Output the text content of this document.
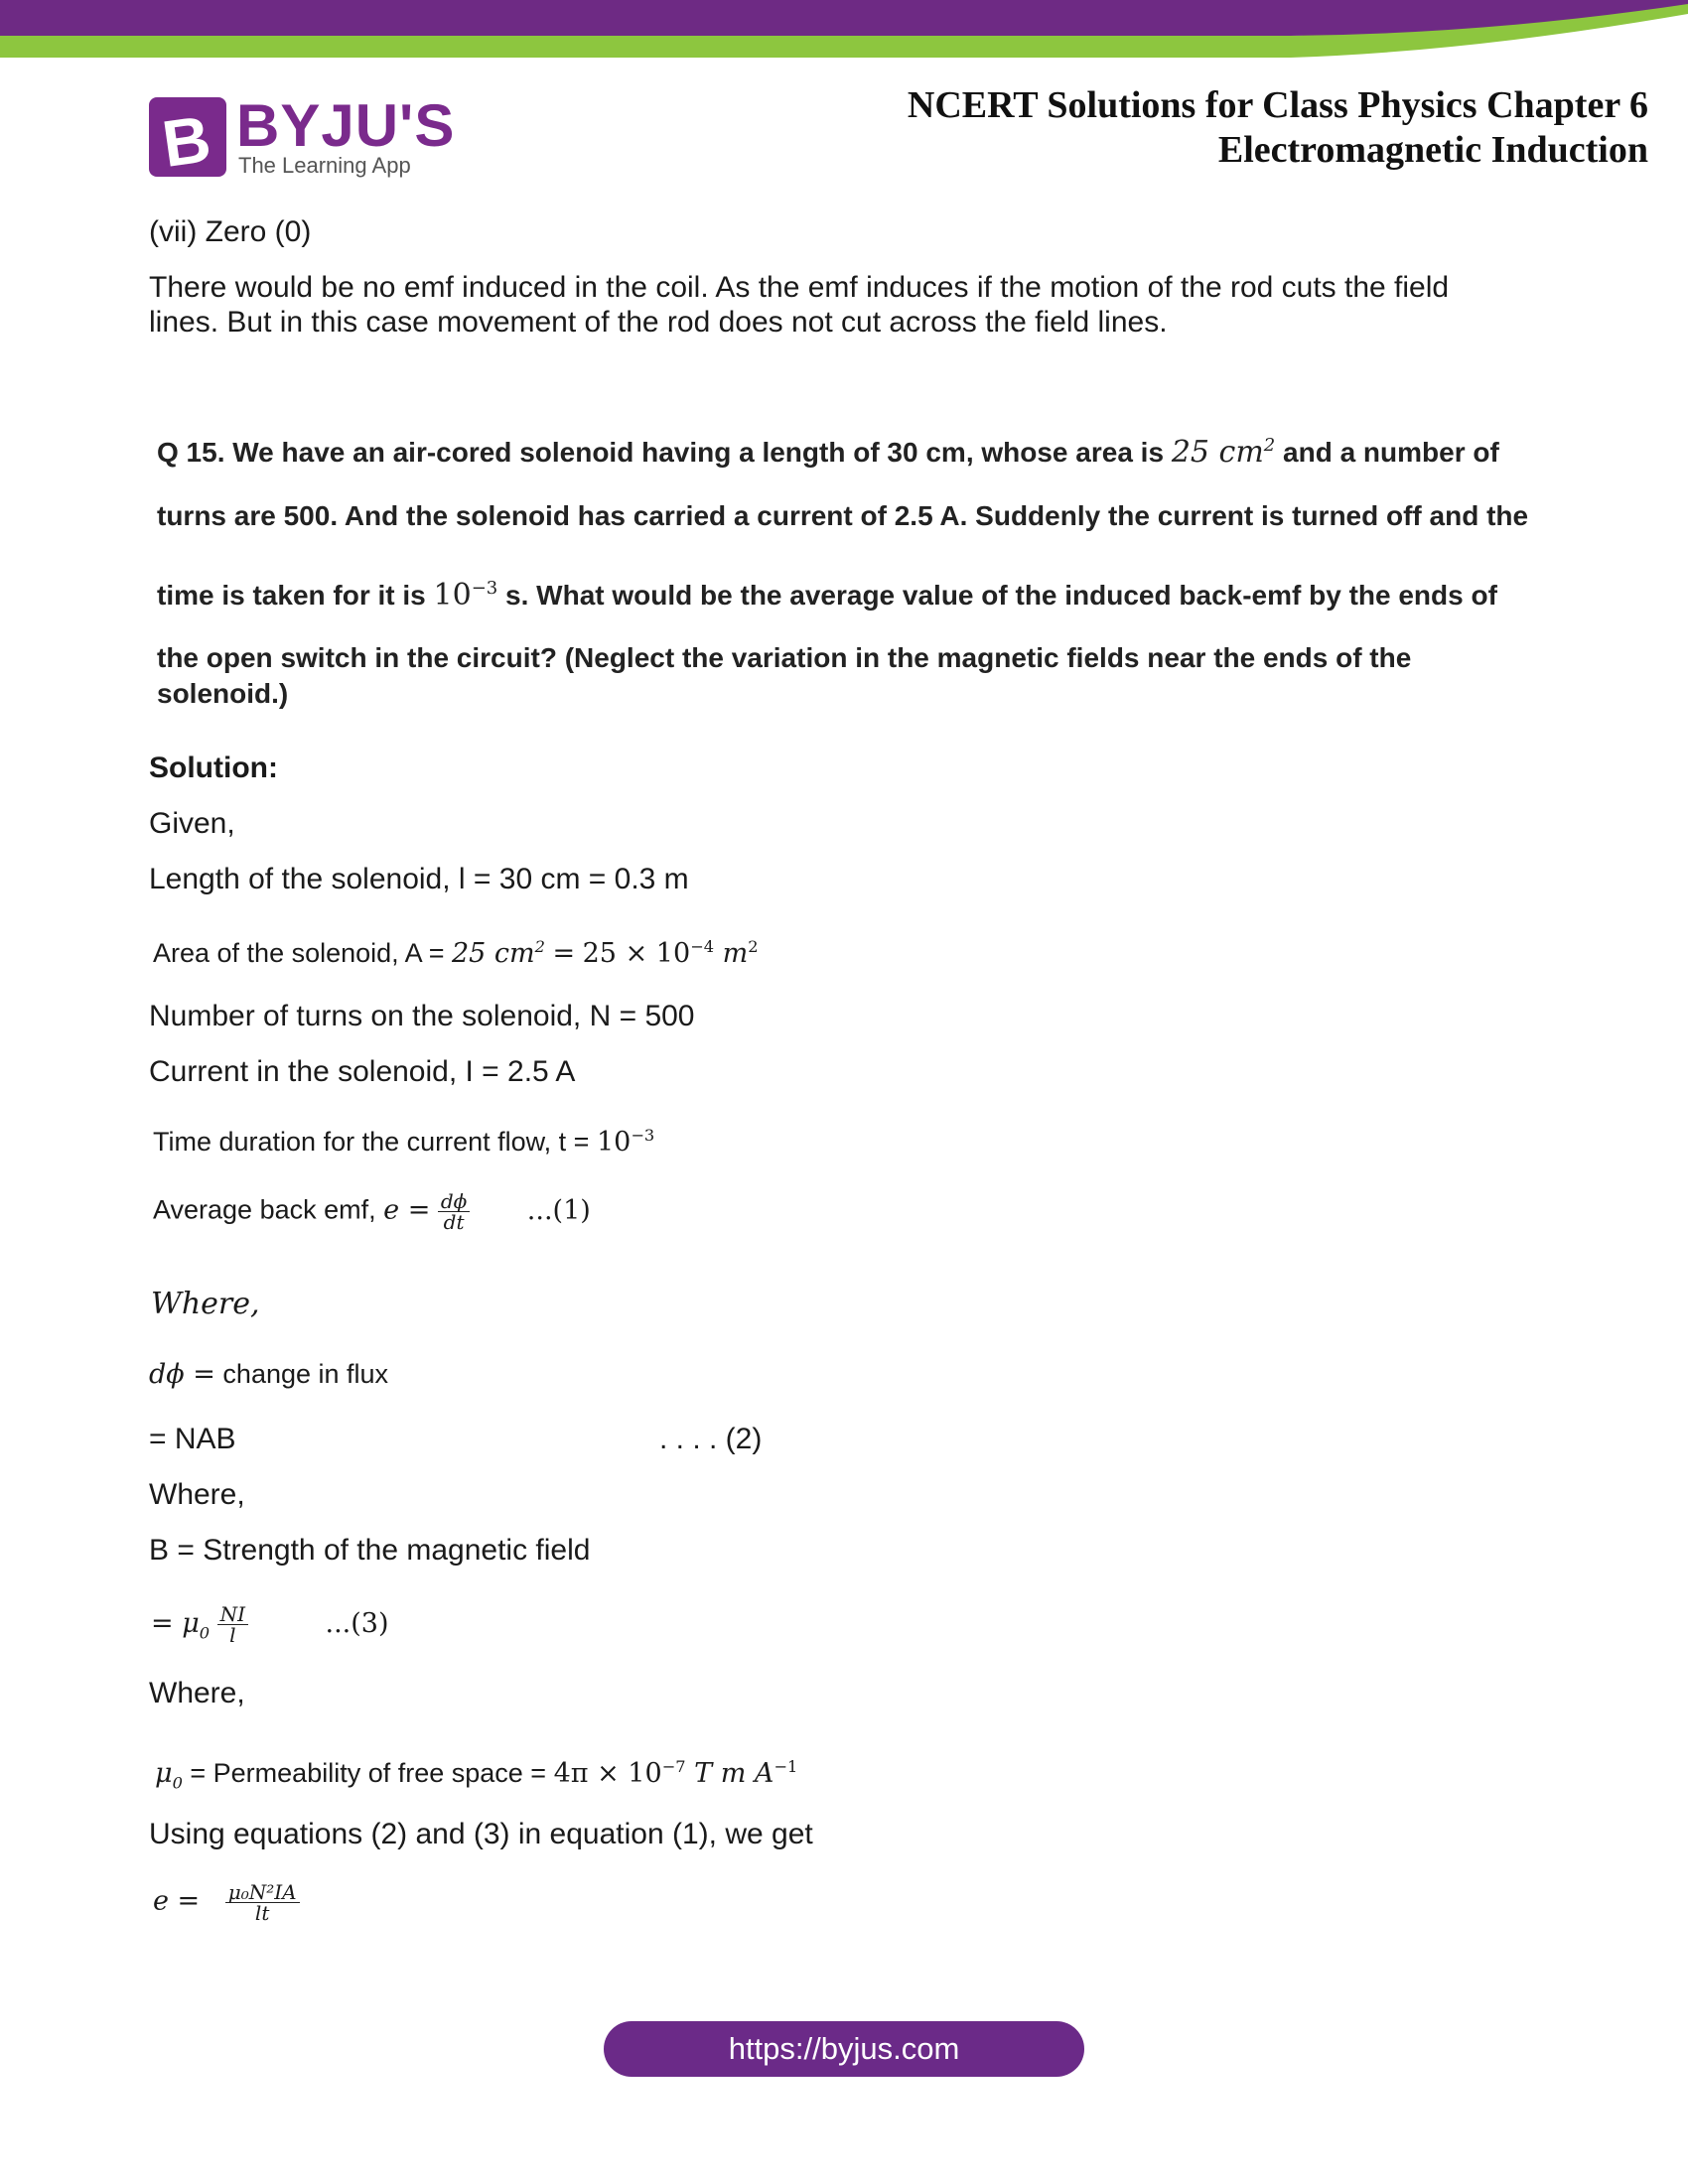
B BYJU'S
The Learning App
NCERT Solutions for Class Physics Chapter 6
Electromagnetic Induction
(vii) Zero (0)
There would be no emf induced in the coil. As the emf induces if the motion of the rod cuts the field
lines. But in this case movement of the rod does not cut across the field lines.
Q 15. We have an air-cored solenoid having a length of 30 cm, whose area is 25 $cm^2$ and a number of
turns are 500. And the solenoid has carried a current of 2.5 A. Suddenly the current is turned off and the
time is taken for it is $10^{-3}$ s. What would be the average value of the induced back-emf by the ends of
the open switch in the circuit? (Neglect the variation in the magnetic fields near the ends of the
solenoid.)
Solution:
Given,
Length of the solenoid, l = 30 cm = 0.3 m
Area of the solenoid, A = 25 $cm^2 = 25 \times 10^{-4}$ $m^2$
Number of turns on the solenoid, N = 500
Current in the solenoid, I = 2.5 A
Time duration for the current flow, $t = 10^{-3}$
Average back emf, $e = \frac{d\phi}{dt} ...(1)$
Where,
dϕ = change in flux
= NAB	. . . . (2)
Where,
B = Strength of the magnetic field
= $\mu_0 \frac{NI}{l}$	...(3)
Where,
$\mu_0$ = Permeability of free space = $4\pi \times 10^{-7}$ T m $A^{-1}$
Using equations (2) and (3) in equation (1), we get
$e = \frac{\text{μ₀N²IA}}{lt}$
https://byjus.com
